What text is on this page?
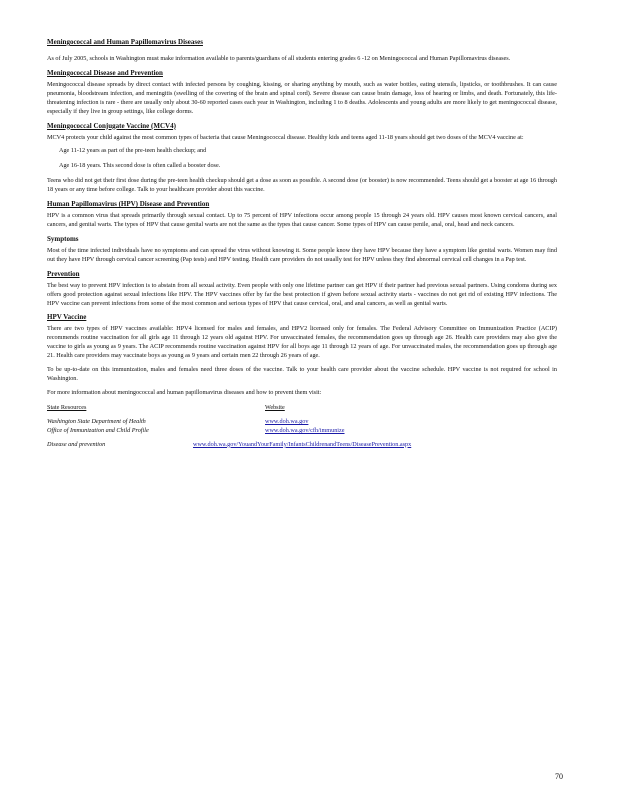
Meningococcal and Human Papillomavirus Diseases
As of July 2005, schools in Washington must make information available to parents/guardians of all students entering grades 6 -12 on Meningococcal and Human Papillomavirus diseases.
Meningococcal Disease and Prevention
Meningococcal disease spreads by direct contact with infected persons by coughing, kissing, or sharing anything by mouth, such as water bottles, eating utensils, lipsticks, or toothbrushes. It can cause pneumonia, bloodstream infection, and meningitis (swelling of the covering of the brain and spinal cord). Severe disease can cause brain damage, loss of hearing or limbs, and death. Fortunately, this life-threatening infection is rare - there are usually only about 30-60 reported cases each year in Washington, including 1 to 8 deaths. Adolescents and young adults are more likely to get meningococcal disease, especially if they live in group settings, like college dorms.
Meningococcal Conjugate Vaccine (MCV4)
MCV4 protects your child against the most common types of bacteria that cause Meningococcal disease. Healthy kids and teens aged 11-18 years should get two doses of the MCV4 vaccine at:
Age 11-12 years as part of the pre-teen health checkup; and
Age 16-18 years. This second dose is often called a booster dose.
Teens who did not get their first dose during the pre-teen health checkup should get a dose as soon as possible. A second dose (or booster) is now recommended. Teens should get a booster at age 16 through 18 years or any time before college. Talk to your healthcare provider about this vaccine.
Human Papillomavirus (HPV) Disease and Prevention
HPV is a common virus that spreads primarily through sexual contact. Up to 75 percent of HPV infections occur among people 15 through 24 years old. HPV causes most known cervical cancers, anal cancers, and genital warts. The types of HPV that cause genital warts are not the same as the types that cause cancer. Some types of HPV can cause penile, anal, oral, head and neck cancers.
Symptoms
Most of the time infected individuals have no symptoms and can spread the virus without knowing it. Some people know they have HPV because they have a symptom like genital warts. Women may find out they have HPV through cervical cancer screening (Pap tests) and HPV testing. Health care providers do not usually test for HPV unless they find abnormal cervical cell changes in a Pap test.
Prevention
The best way to prevent HPV infection is to abstain from all sexual activity. Even people with only one lifetime partner can get HPV if their partner had previous sexual partners. Using condoms during sex offers good protection against sexual infections like HPV. The HPV vaccines offer by far the best protection if given before sexual activity starts - vaccines do not get rid of existing HPV infections. The HPV vaccine can prevent infections from some of the most common and serious types of HPV that cause cervical, oral, and anal cancers, as well as genital warts.
HPV Vaccine
There are two types of HPV vaccines available: HPV4 licensed for males and females, and HPV2 licensed only for females. The Federal Advisory Committee on Immunization Practice (ACIP) recommends routine vaccination for all girls age 11 through 12 years old against HPV. For unvaccinated females, the recommendation goes up through age 26. Health care providers may also give the vaccine to girls as young as 9 years. The ACIP recommends routine vaccination against HPV for all boys age 11 through 12 years of age. For unvaccinated males, the recommendation goes up through age 21. Health care providers may vaccinate boys as young as 9 years and certain men 22 through 26 years of age.
To be up-to-date on this immunization, males and females need three doses of the vaccine. Talk to your health care provider about the vaccine schedule. HPV vaccine is not required for school in Washington.
For more information about meningococcal and human papillomavirus diseases and how to prevent them visit:
State Resources
Washington State Department of Health
Office of Immunization and Child Profile
Website
www.doh.wa.gov
www.doh.wa.gov/cfh/immunize
Disease and prevention	www.doh.wa.gov/YouandYourFamily/InfantsChildrenandTeens/DiseasePrevention.aspx
70
